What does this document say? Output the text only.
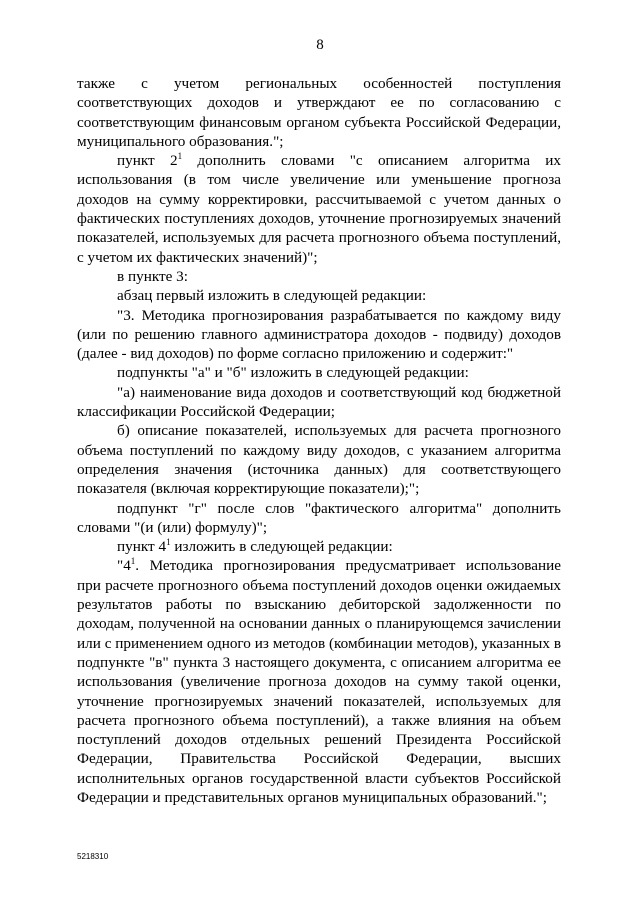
8

также с учетом региональных особенностей поступления соответствующих доходов и утверждают ее по согласованию с соответствующим финансовым органом субъекта Российской Федерации, муниципального образования.";

пункт $2^1$ дополнить словами "с описанием алгоритма их использования (в том числе увеличение или уменьшение прогноза доходов на сумму корректировки, рассчитываемой с учетом данных о фактических поступлениях доходов, уточнение прогнозируемых значений показателей, используемых для расчета прогнозного объема поступлений, с учетом их фактических значений)";

в пункте 3:

абзац первый изложить в следующей редакции:

"3. Методика прогнозирования разрабатывается по каждому виду (или по решению главного администратора доходов - подвиду) доходов (далее - вид доходов) по форме согласно приложению и содержит:"

подпункты "а" и "б" изложить в следующей редакции:

"а) наименование вида доходов и соответствующий код бюджетной классификации Российской Федерации;

б) описание показателей, используемых для расчета прогнозного объема поступлений по каждому виду доходов, с указанием алгоритма определения значения (источника данных) для соответствующего показателя (включая корректирующие показатели);";

подпункт "г" после слов "фактического алгоритма" дополнить словами "(и (или) формулу)";

пункт $4^1$ изложить в следующей редакции:

"$4^1$. Методика прогнозирования предусматривает использование при расчете прогнозного объема поступлений доходов оценки ожидаемых результатов работы по взысканию дебиторской задолженности по доходам, полученной на основании данных о планирующемся зачислении или с применением одного из методов (комбинации методов), указанных в подпункте "в" пункта 3 настоящего документа, с описанием алгоритма ее использования (увеличение прогноза доходов на сумму такой оценки, уточнение прогнозируемых значений показателей, используемых для расчета прогнозного объема поступлений), а также влияния на объем поступлений доходов отдельных решений Президента Российской Федерации, Правительства Российской Федерации, высших исполнительных органов государственной власти субъектов Российской Федерации и представительных органов муниципальных образований.";

5218310
